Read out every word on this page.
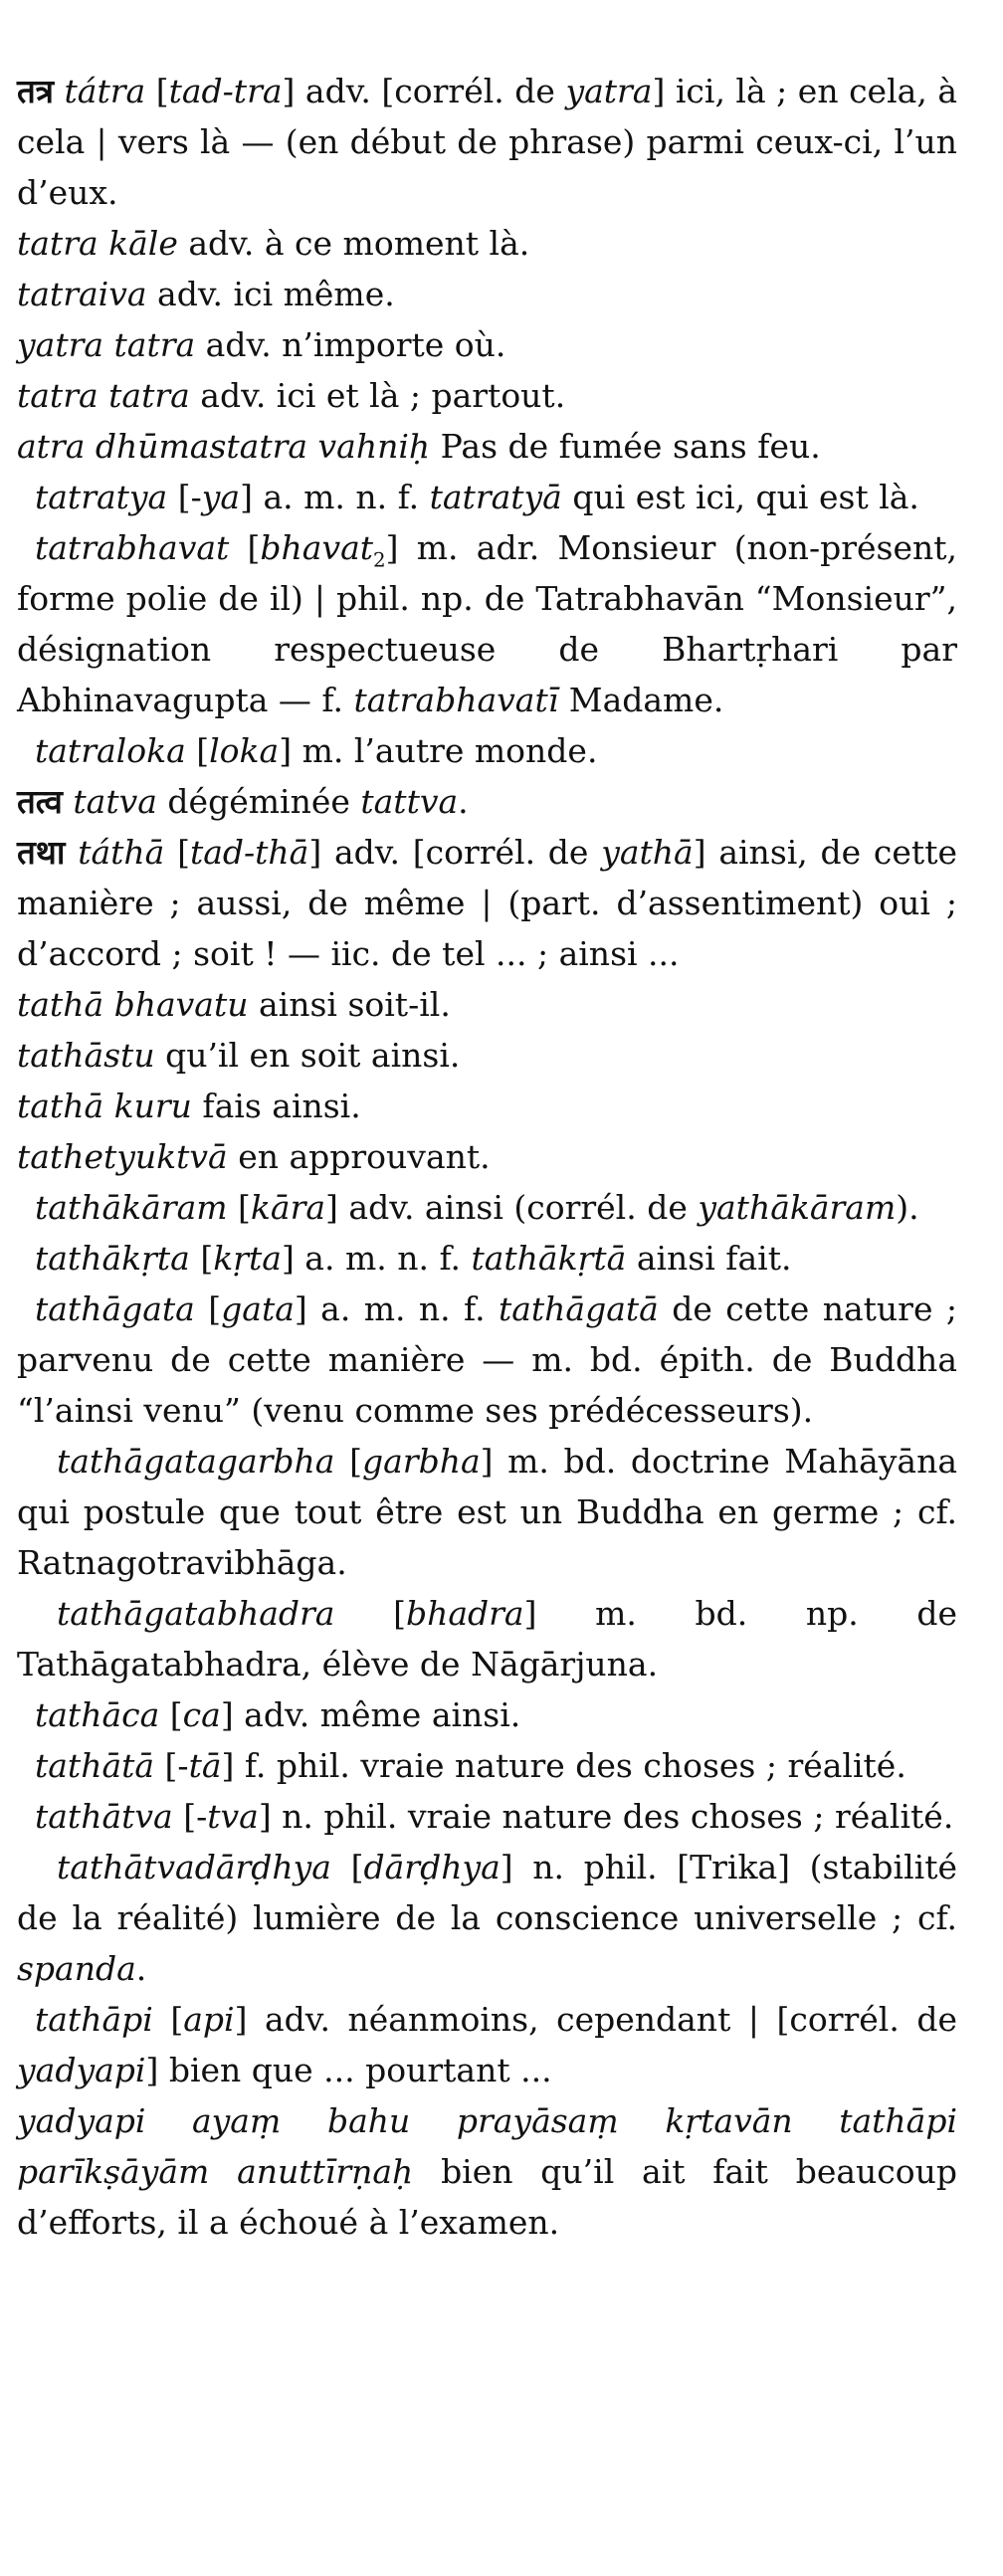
तत्र tátra [tad-tra] adv. [corrél. de yatra] ici, là ; en cela, à cela | vers là — (en début de phrase) parmi ceux-ci, l’un d’eux.

tatra kāle adv. à ce moment là.

tatraiva adv. ici même.

yatra tatra adv. n’importe où.

tatra tatra adv. ici et là ; partout.

atra dhūmastatra vahniḥ Pas de fumée sans feu.

tatratya [-ya] a. m. n. f. tatratyā qui est ici, qui est là.

tatrabhavat [bhavat$_2$] m. adr. Monsieur (non-présent, forme polie de il) | phil. np. de Tatrabhavān “Monsieur”, désignation respectueuse de Bhartṛhari par Abhinavagupta — f. tatrabhavatī Madame.

tatraloka [loka] m. l’autre monde.

तत्व tatva dégéminée tattva.

तथा táthā [tad-thā] adv. [corrél. de yathā] ainsi, de cette manière ; aussi, de même | (part. d’assentiment) oui ; d’accord ; soit ! — iic. de tel ... ; ainsi ...

tathā bhavatu ainsi soit-il.

tathāstu qu’il en soit ainsi.

tathā kuru fais ainsi.

tathetyuktvā en approuvant.

tathākāram [kāra] adv. ainsi (corrél. de yathākāram).

tathākṛta [kṛta] a. m. n. f. tathākṛtā ainsi fait.

tathāgata [gata] a. m. n. f. tathāgatā de cette nature ; parvenu de cette manière — m. bd. épith. de Buddha “l’ainsi venu” (venu comme ses prédécesseurs).

tathāgatagarbha [garbha] m. bd. doctrine Mahāyāna qui postule que tout être est un Buddha en germe ; cf. Ratnagotravibhāga.

tathāgatabhadra [bhadra] m. bd. np. de Tathāgatabhadra, élève de Nāgārjuna.

tathāca [ca] adv. même ainsi.

tathātā [-tā] f. phil. vraie nature des choses ; réalité.

tathātva [-tva] n. phil. vraie nature des choses ; réalité.

tathātvadārḍhya [dārḍhya] n. phil. [Trika] (stabilité de la réalité) lumière de la conscience universelle ; cf. spanda.

tathāpi [api] adv. néanmoins, cependant | [corrél. de yadyapi] bien que ... pourtant ...

yadyapi ayaṃ bahu prayāsaṃ kṛtavān tathāpi parīkṣāyām anuttīrṇaḥ bien qu’il ait fait beaucoup d’efforts, il a échoué à l’examen.
